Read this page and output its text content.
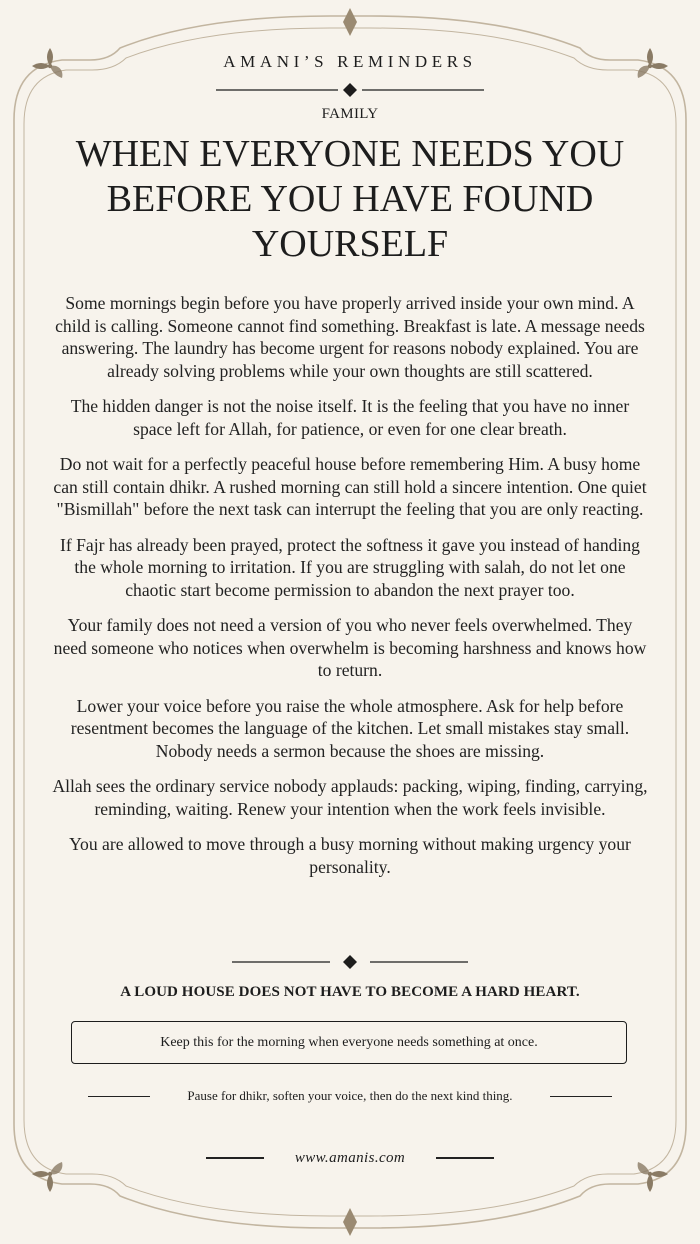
AMANI’S REMINDERS
FAMILY
WHEN EVERYONE NEEDS YOU BEFORE YOU HAVE FOUND YOURSELF

Some mornings begin before you have properly arrived inside your own mind. A child is calling. Someone cannot find something. Breakfast is late. A message needs answering. The laundry has become urgent for reasons nobody explained. You are already solving problems while your own thoughts are still scattered.

The hidden danger is not the noise itself. It is the feeling that you have no inner space left for Allah, for patience, or even for one clear breath.

Do not wait for a perfectly peaceful house before remembering Him. A busy home can still contain dhikr. A rushed morning can still hold a sincere intention. One quiet "Bismillah" before the next task can interrupt the feeling that you are only reacting.

If Fajr has already been prayed, protect the softness it gave you instead of handing the whole morning to irritation. If you are struggling with salah, do not let one chaotic start become permission to abandon the next prayer too.

Your family does not need a version of you who never feels overwhelmed. They need someone who notices when overwhelm is becoming harshness and knows how to return.

Lower your voice before you raise the whole atmosphere. Ask for help before resentment becomes the language of the kitchen. Let small mistakes stay small. Nobody needs a sermon because the shoes are missing.

Allah sees the ordinary service nobody applauds: packing, wiping, finding, carrying, reminding, waiting. Renew your intention when the work feels invisible.

You are allowed to move through a busy morning without making urgency your personality.

A LOUD HOUSE DOES NOT HAVE TO BECOME A HARD HEART.
Keep this for the morning when everyone needs something at once.
Pause for dhikr, soften your voice, then do the next kind thing.
www.amanis.com
